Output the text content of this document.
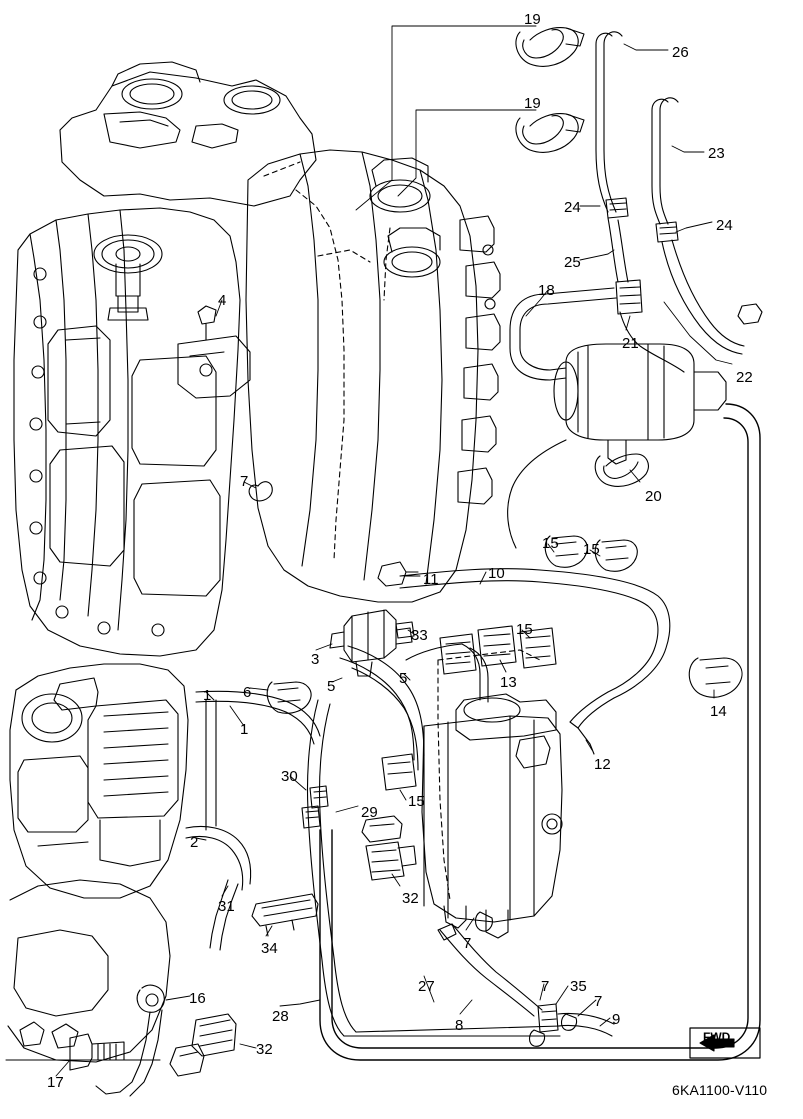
19
26
19
23
24
24
25
18
21
22
4
20
7
11	10
15 15
3
33	15
13
14
6	5	5
12
1
1
30
29
15
2
31
34
32
7
27	7 35
7
8	9
28
16
32
17
FWD
6KA1100-V110
